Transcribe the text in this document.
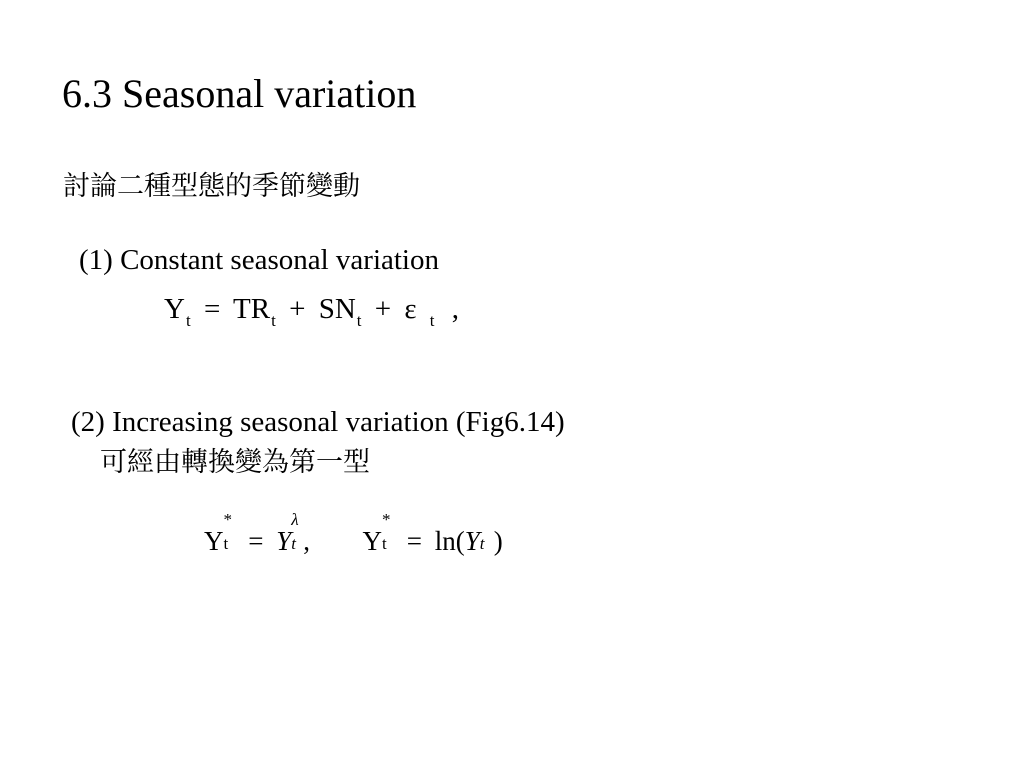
6.3 Seasonal variation
討論二種型態的季節變動
(1) Constant seasonal variation
$Y_t = TR_t + SN_t + \varepsilon$ $_t$ ,
(2) Increasing seasonal variation (Fig6.14)
可經由轉換變為第一型
Y
*
t = Y
λ
t , Y
*
t = ln(Y t )
